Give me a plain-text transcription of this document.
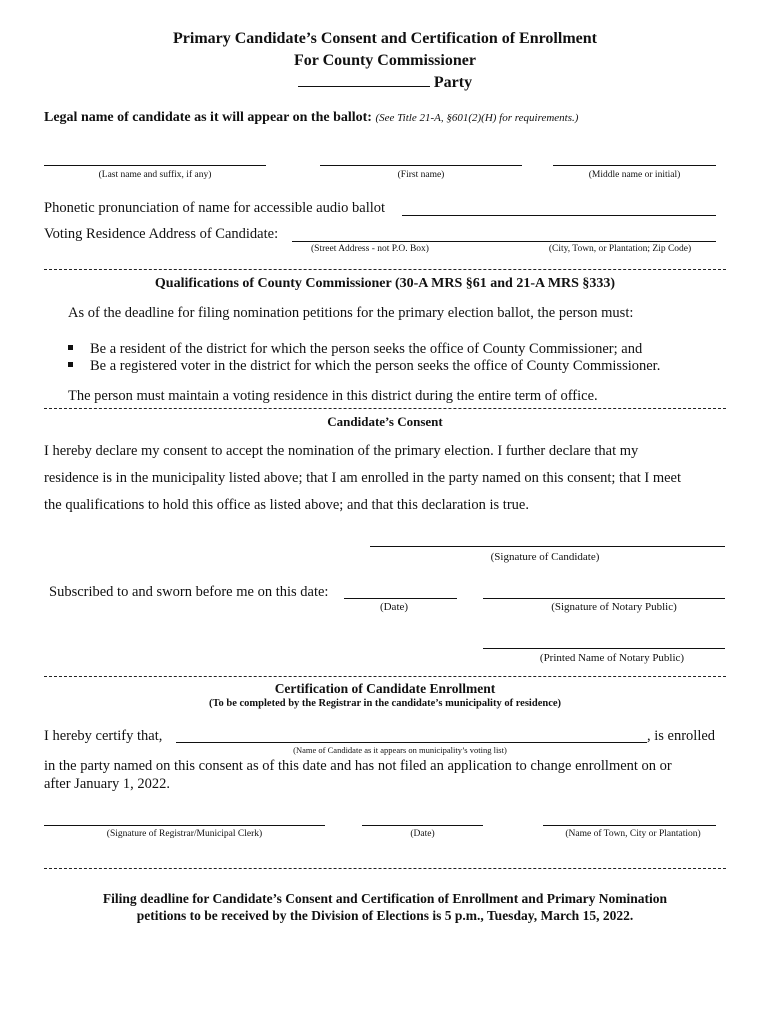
Primary Candidate’s Consent and Certification of Enrollment
For County Commissioner
Party
Legal name of candidate as it will appear on the ballot: (See Title 21-A, §601(2)(H) for requirements.)
(Last name and suffix, if any)	(First name)	(Middle name or initial)
Phonetic pronunciation of name for accessible audio ballot
Voting Residence Address of Candidate:
(Street Address - not P.O. Box)	(City, Town, or Plantation; Zip Code)
Qualifications of County Commissioner (30-A MRS §61 and 21-A MRS §333)
As of the deadline for filing nomination petitions for the primary election ballot, the person must:
Be a resident of the district for which the person seeks the office of County Commissioner; and
Be a registered voter in the district for which the person seeks the office of County Commissioner.
The person must maintain a voting residence in this district during the entire term of office.
Candidate’s Consent
I hereby declare my consent to accept the nomination of the primary election. I further declare that my
residence is in the municipality listed above; that I am enrolled in the party named on this consent; that I meet
the qualifications to hold this office as listed above; and that this declaration is true.
(Signature of Candidate)
Subscribed to and sworn before me on this date:
(Date)	(Signature of Notary Public)
(Printed Name of Notary Public)
Certification of Candidate Enrollment
(To be completed by the Registrar in the candidate’s municipality of residence)
I hereby certify that,	, is enrolled
(Name of Candidate as it appears on municipality’s voting list)
in the party named on this consent as of this date and has not filed an application to change enrollment on or
after January 1, 2022.
(Signature of Registrar/Municipal Clerk)	(Date)	(Name of Town, City or Plantation)
Filing deadline for Candidate’s Consent and Certification of Enrollment and Primary Nomination
petitions to be received by the Division of Elections is 5 p.m., Tuesday, March 15, 2022.
